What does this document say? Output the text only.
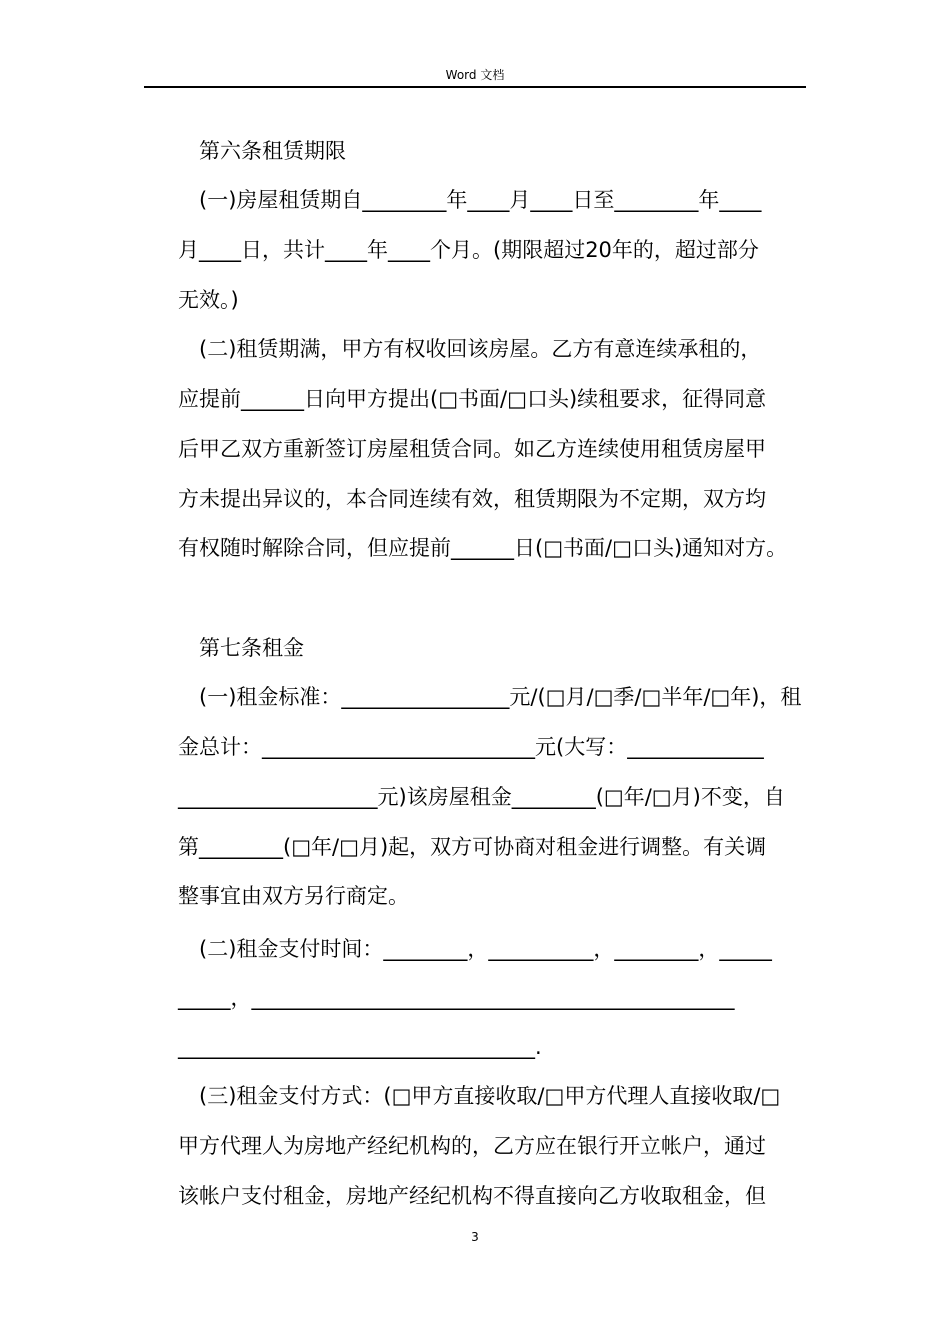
Word 文档
　第六条租赁期限
　(一)房屋租赁期自________年____月____日至________年____
月____日，共计____年____个月。(期限超过20年的，超过部分
无效。)
　(二)租赁期满，甲方有权收回该房屋。乙方有意连续承租的，
应提前______日向甲方提出(□书面/□口头)续租要求，征得同意
后甲乙双方重新签订房屋租赁合同。如乙方连续使用租赁房屋甲
方未提出异议的，本合同连续有效，租赁期限为不定期，双方均
有权随时解除合同，但应提前______日(□书面/□口头)通知对方。
　第七条租金
　(一)租金标准：________________元/(□月/□季/□半年/□年)，租
金总计：__________________________元(大写：_____________
___________________元)该房屋租金________(□年/□月)不变，自
第________(□年/□月)起，双方可协商对租金进行调整。有关调
整事宜由双方另行商定。
　(二)租金支付时间：________，__________，________，_____
_____，______________________________________________
__________________________________.
　(三)租金支付方式：(□甲方直接收取/□甲方代理人直接收取/□
甲方代理人为房地产经纪机构的，乙方应在银行开立帐户，通过
该帐户支付租金，房地产经纪机构不得直接向乙方收取租金，但
3
